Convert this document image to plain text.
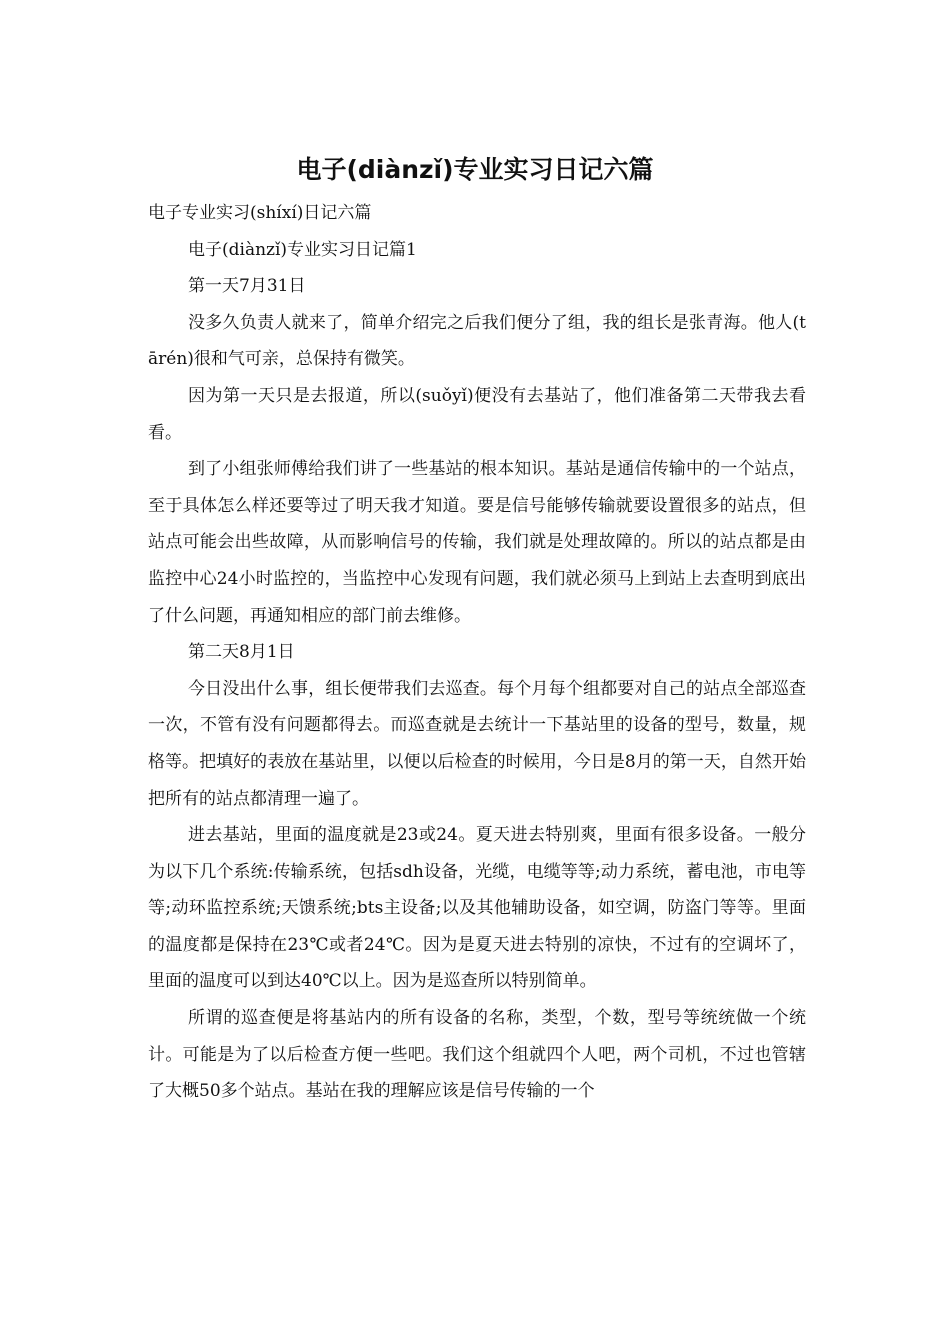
电子(diànzǐ)专业实习日记六篇

电子专业实习(shíxí)日记六篇

电子(diànzǐ)专业实习日记篇1

第一天7月31日

没多久负责人就来了，简单介绍完之后我们便分了组，我的组长是张青海。他人(tārén)很和气可亲，总保持有微笑。

因为第一天只是去报道，所以(suǒyǐ)便没有去基站了，他们准备第二天带我去看看。

到了小组张师傅给我们讲了一些基站的根本知识。基站是通信传输中的一个站点，至于具体怎么样还要等过了明天我才知道。要是信号能够传输就要设置很多的站点，但站点可能会出些故障，从而影响信号的传输，我们就是处理故障的。所以的站点都是由监控中心24小时监控的，当监控中心发现有问题，我们就必须马上到站上去查明到底出了什么问题，再通知相应的部门前去维修。

第二天8月1日

今日没出什么事，组长便带我们去巡查。每个月每个组都要对自己的站点全部巡查一次，不管有没有问题都得去。而巡查就是去统计一下基站里的设备的型号，数量，规格等。把填好的表放在基站里，以便以后检查的时候用，今日是8月的第一天，自然开始把所有的站点都清理一遍了。

进去基站，里面的温度就是23或24。夏天进去特别爽，里面有很多设备。一般分为以下几个系统:传输系统，包括sdh设备，光缆，电缆等等;动力系统，蓄电池，市电等等;动环监控系统;天馈系统;bts主设备;以及其他辅助设备，如空调，防盗门等等。里面的温度都是保持在23℃或者24℃。因为是夏天进去特别的凉快，不过有的空调坏了，里面的温度可以到达40℃以上。因为是巡查所以特别简单。

所谓的巡查便是将基站内的所有设备的名称，类型，个数，型号等统统做一个统计。可能是为了以后检查方便一些吧。我们这个组就四个人吧，两个司机，不过也管辖了大概50多个站点。基站在我的理解应该是信号传输的一个
